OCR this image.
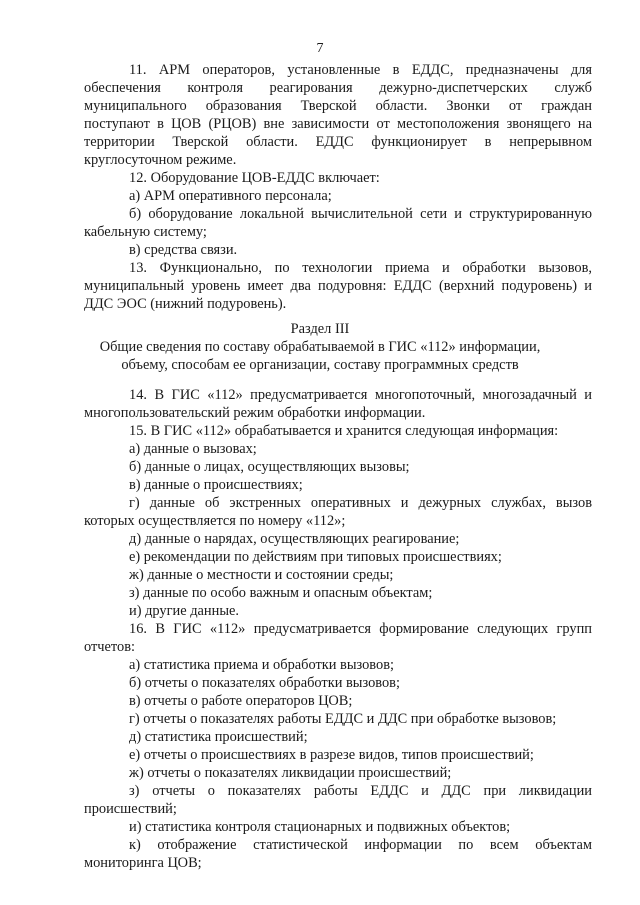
7
11. АРМ операторов, установленные в ЕДДС, предназначены для
обеспечения контроля реагирования дежурно-диспетчерских служб
муниципального образования Тверской области. Звонки от граждан
поступают в ЦОВ (РЦОВ) вне зависимости от местоположения звонящего на
территории Тверской области. ЕДДС функционирует в непрерывном
круглосуточном режиме.
12. Оборудование ЦОВ-ЕДДС включает:
а) АРМ оперативного персонала;
б) оборудование локальной вычислительной сети и структурированную
кабельную систему;
в) средства связи.
13. Функционально, по технологии приема и обработки вызовов,
муниципальный уровень имеет два подуровня: ЕДДС (верхний подуровень) и
ДДС ЭОС (нижний подуровень).
Раздел III
Общие сведения по составу обрабатываемой в ГИС «112» информации,
объему, способам ее организации, составу программных средств
14. В ГИС «112» предусматривается многопоточный, многозадачный и
многопользовательский режим обработки информации.
15. В ГИС «112» обрабатывается и хранится следующая информация:
а) данные о вызовах;
б) данные о лицах, осуществляющих вызовы;
в) данные о происшествиях;
г) данные об экстренных оперативных и дежурных службах, вызов
которых осуществляется по номеру «112»;
д) данные о нарядах, осуществляющих реагирование;
е) рекомендации по действиям при типовых происшествиях;
ж) данные о местности и состоянии среды;
з) данные по особо важным и опасным объектам;
и) другие данные.
16. В ГИС «112» предусматривается формирование следующих групп
отчетов:
а) статистика приема и обработки вызовов;
б) отчеты о показателях обработки вызовов;
в) отчеты о работе операторов ЦОВ;
г) отчеты о показателях работы ЕДДС и ДДС при обработке вызовов;
д) статистика происшествий;
е) отчеты о происшествиях в разрезе видов, типов происшествий;
ж) отчеты о показателях ликвидации происшествий;
з) отчеты о показателях работы ЕДДС и ДДС при ликвидации
происшествий;
и) статистика контроля стационарных и подвижных объектов;
к) отображение статистической информации по всем объектам
мониторинга ЦОВ;
